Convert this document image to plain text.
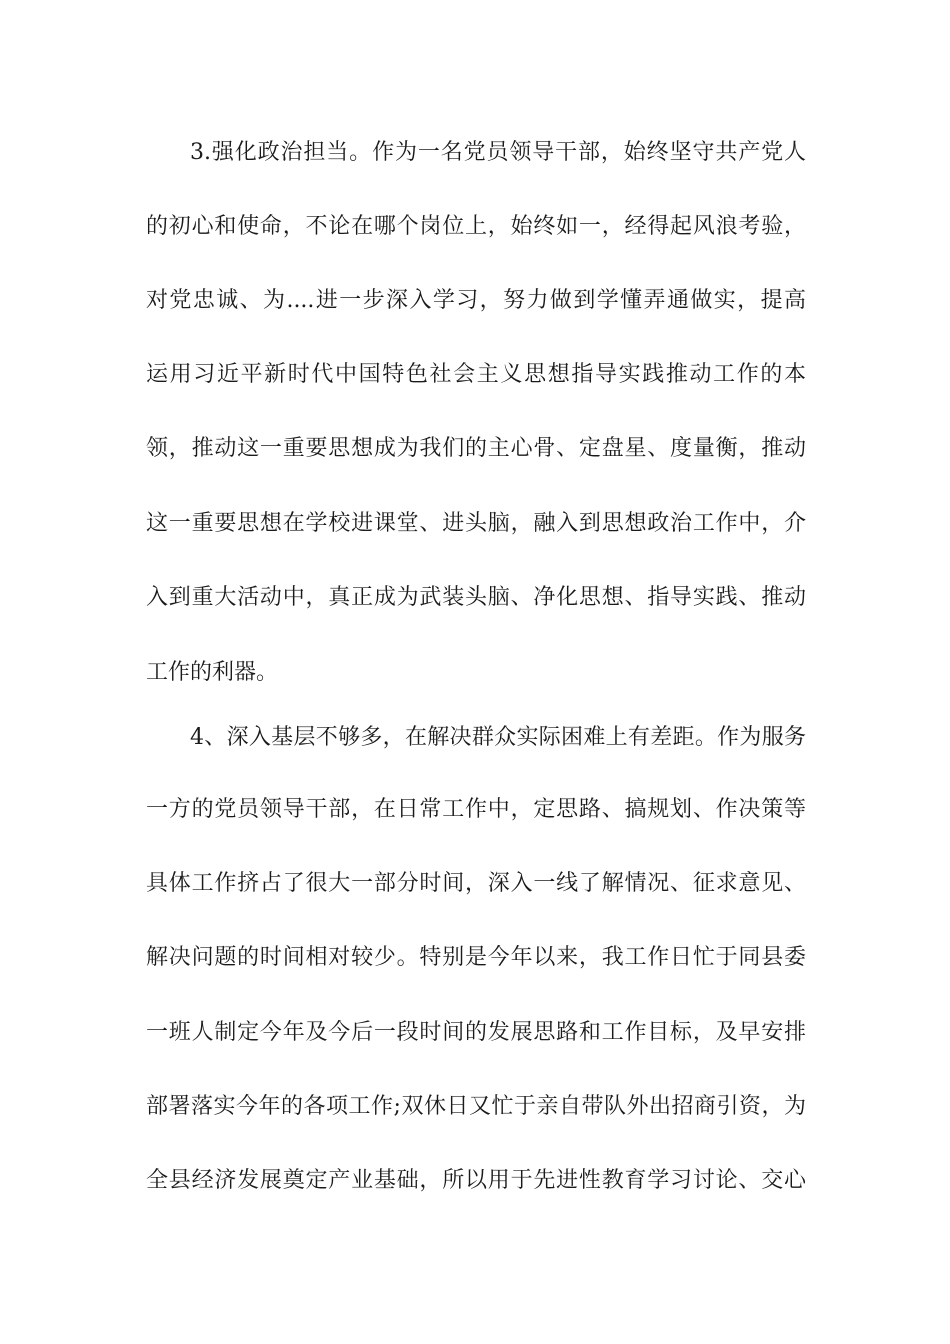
3.强化政治担当。作为一名党员领导干部，始终坚守共产党人
的初心和使命，不论在哪个岗位上，始终如一，经得起风浪考验，
对党忠诚、为....进一步深入学习，努力做到学懂弄通做实，提高
运用习近平新时代中国特色社会主义思想指导实践推动工作的本
领，推动这一重要思想成为我们的主心骨、定盘星、度量衡，推动
这一重要思想在学校进课堂、进头脑，融入到思想政治工作中，介
入到重大活动中，真正成为武装头脑、净化思想、指导实践、推动
工作的利器。
4、深入基层不够多，在解决群众实际困难上有差距。作为服务
一方的党员领导干部，在日常工作中，定思路、搞规划、作决策等
具体工作挤占了很大一部分时间，深入一线了解情况、征求意见、
解决问题的时间相对较少。特别是今年以来，我工作日忙于同县委
一班人制定今年及今后一段时间的发展思路和工作目标，及早安排
部署落实今年的各项工作;双休日又忙于亲自带队外出招商引资，为
全县经济发展奠定产业基础，所以用于先进性教育学习讨论、交心
